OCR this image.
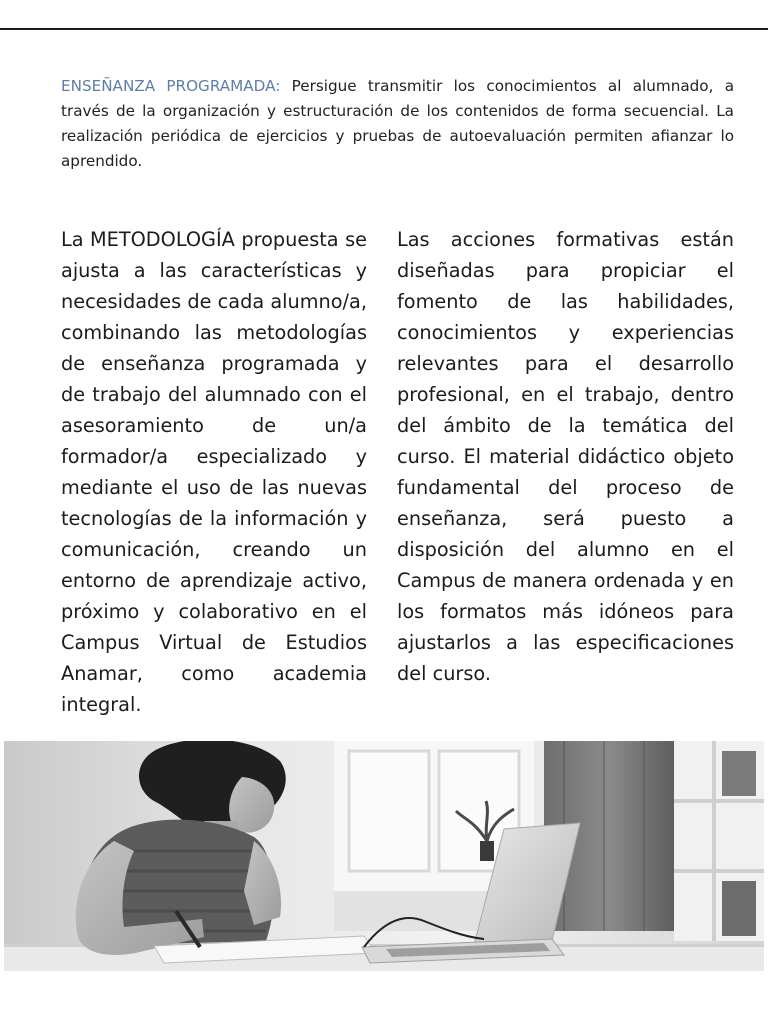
ENSEÑANZA PROGRAMADA: Persigue transmitir los conocimientos al alumnado, a través de la organización y estructuración de los contenidos de forma secuencial. La realización periódica de ejercicios y pruebas de autoevaluación permiten afianzar lo aprendido.

La METODOLOGÍA propuesta se ajusta a las características y necesidades de cada alumno/a, combinando las metodologías de enseñanza programada y de trabajo del alumnado con el asesoramiento de un/a formador/a especializado y mediante el uso de las nuevas tecnologías de la información y comunicación, creando un entorno de aprendizaje activo, próximo y colaborativo en el Campus Virtual de Estudios Anamar, como academia integral.

Las acciones formativas están diseñadas para propiciar el fomento de las habilidades, conocimientos y experiencias relevantes para el desarrollo profesional, en el trabajo, dentro del ámbito de la temática del curso. El material didáctico objeto fundamental del proceso de enseñanza, será puesto a disposición del alumno en el Campus de manera ordenada y en los formatos más idóneos para ajustarlos a las especificaciones del curso.
